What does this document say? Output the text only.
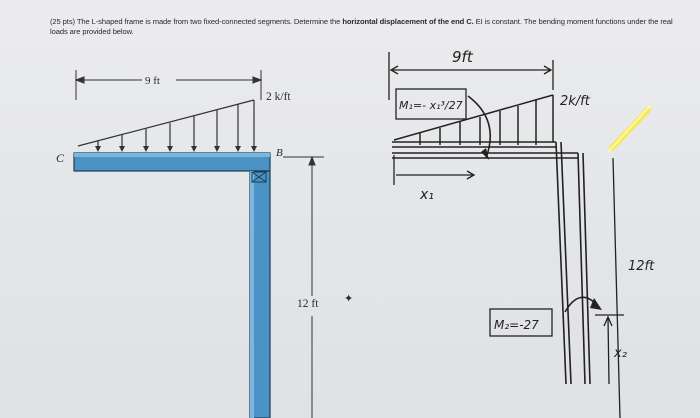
(25 pts) The L-shaped frame is made from two fixed-connected segments. Determine the horizontal displacement of the end C. EI is constant. The bending moment functions under the real loads are provided below.
9 ft
2 k/ft
C	B
12 ft ✦
9ft
M₁=- x₁³/27	2k/ft
x₁
12ft
M₂=-27
x₂
